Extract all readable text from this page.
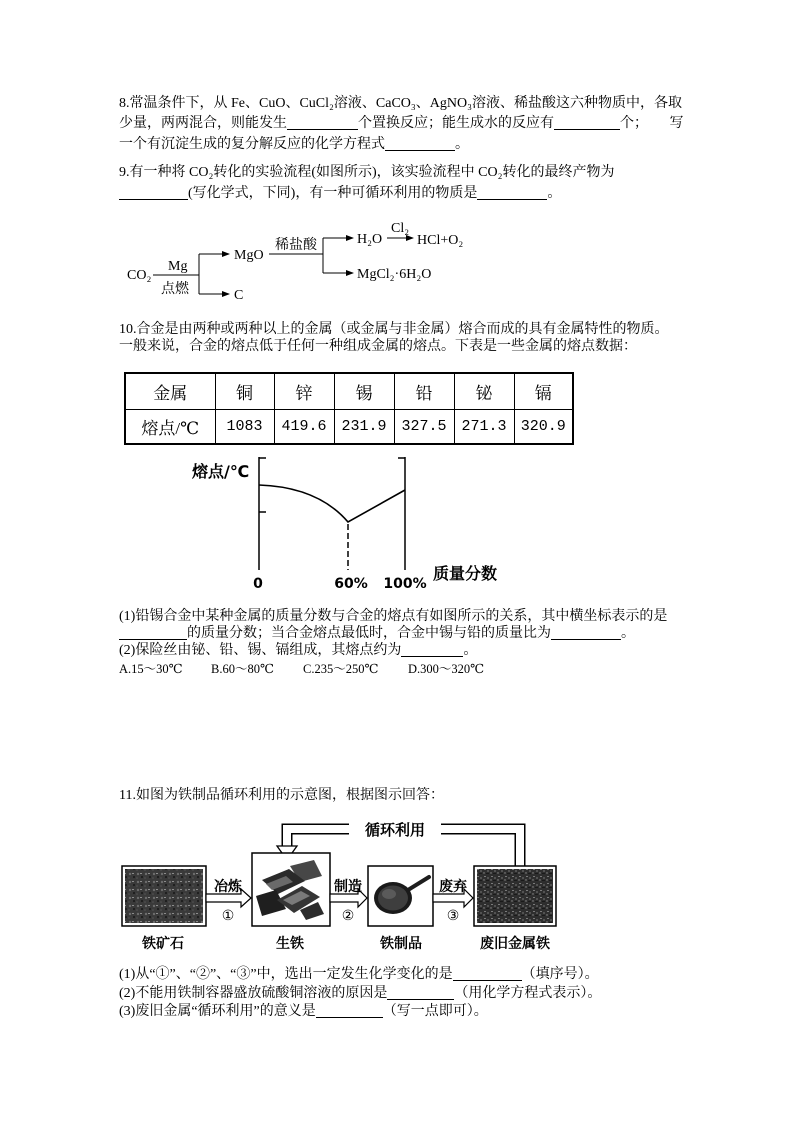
8.常温条件下，从 Fe、CuO、CuCl₂溶液、CaCO₃、AgNO₃溶液、稀盐酸这六种物质中，各取
少量，两两混合，则能发生	个置换反应；能生成水的反应有	个； 写
一个有沉淀生成的复分解反应的化学方程式	。
9.有一种将 CO₂转化的实验流程(如图所示)，该实验流程中 CO₂转化的最终产物为
(写化学式，下同)，有一种可循环利用的物质是	。
CO₂
Mg
点燃
MgO
C
稀盐酸	H₂O
Cl₂
HCl+O₂
MgCl₂·6H₂O
10.合金是由两种或两种以上的金属（或金属与非金属）熔合而成的具有金属特性的物质。
一般来说，合金的熔点低于任何一种组成金属的熔点。下表是一些金属的熔点数据：
金属	铜	锌	锡	铅	铋	镉
熔点/℃	1083	419.6	231.9	327.5	271.3	320.9
熔点/℃
0	60% 100%
质量分数
(1)铅锡合金中某种金属的质量分数与合金的熔点有如图所示的关系，其中横坐标表示的是
的质量分数；当合金熔点最低时，合金中锡与铅的质量比为	。
(2)保险丝由铋、铅、锡、镉组成，其熔点约为	。
A.15～30℃ B.60～80℃ C.235～250℃ D.300～320℃
11.如图为铁制品循环利用的示意图，根据图示回答：
循环利用
冶炼
①
制造
②
废弃
③
铁矿石	生铁	铁制品	废旧金属铁
(1)从“①”、“②”、“③”中，选出一定发生化学变化的是	（填序号）。
(2)不能用铁制容器盛放硫酸铜溶液的原因是	（用化学方程式表示）。
(3)废旧金属“循环利用”的意义是	（写一点即可）。
